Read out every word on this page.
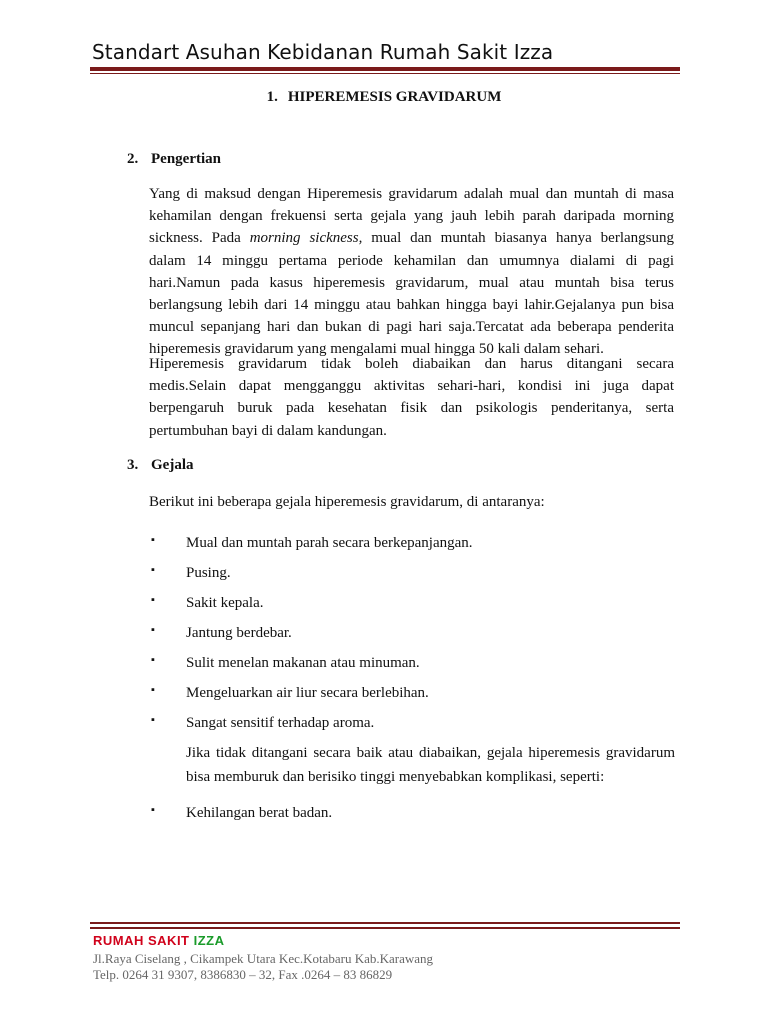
Standart Asuhan Kebidanan Rumah Sakit Izza
1. HIPEREMESIS GRAVIDARUM
2. Pengertian
Yang di maksud dengan Hiperemesis gravidarum adalah mual dan muntah di masa
kehamilan dengan frekuensi serta gejala yang jauh lebih parah daripada morning
sickness. Pada morning sickness, mual dan muntah biasanya hanya berlangsung
dalam 14 minggu pertama periode kehamilan dan umumnya dialami di pagi
hari.Namun pada kasus hiperemesis gravidarum, mual atau muntah bisa terus
berlangsung lebih dari 14 minggu atau bahkan hingga bayi lahir.Gejalanya pun bisa
muncul sepanjang hari dan bukan di pagi hari saja.Tercatat ada beberapa penderita
hiperemesis gravidarum yang mengalami mual hingga 50 kali dalam sehari.
Hiperemesis gravidarum tidak boleh diabaikan dan harus ditangani secara
medis.Selain dapat mengganggu aktivitas sehari-hari, kondisi ini juga dapat
berpengaruh buruk pada kesehatan fisik dan psikologis penderitanya, serta
pertumbuhan bayi di dalam kandungan.
3. Gejala
Berikut ini beberapa gejala hiperemesis gravidarum, di antaranya:
▪ Mual dan muntah parah secara berkepanjangan.
▪ Pusing.
▪ Sakit kepala.
▪ Jantung berdebar.
▪ Sulit menelan makanan atau minuman.
▪ Mengeluarkan air liur secara berlebihan.
▪ Sangat sensitif terhadap aroma.
Jika tidak ditangani secara baik atau diabaikan, gejala hiperemesis gravidarum
bisa memburuk dan berisiko tinggi menyebabkan komplikasi, seperti:
▪ Kehilangan berat badan.
RUMAH SAKIT IZZA
Jl.Raya Ciselang , Cikampek Utara Kec.Kotabaru Kab.Karawang
Telp. 0264 31 9307, 8386830 – 32, Fax .0264 – 83 86829
